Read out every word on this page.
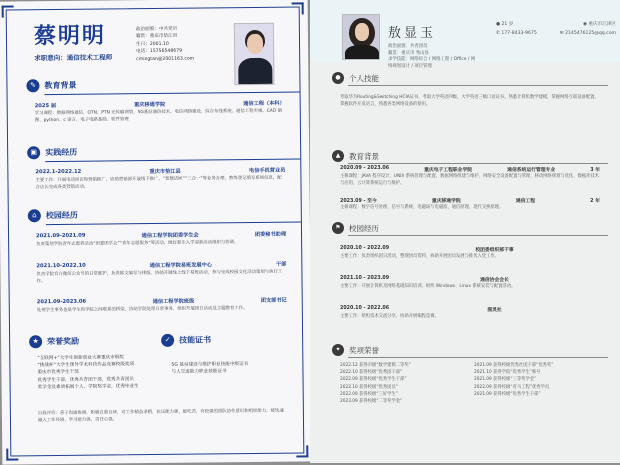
蔡明明
求职意向：通信技术工程师
政治面貌：中共党员
籍贯：重庆市垫江县
生日：2001.10
电话：15756548679
cmingtan@2001163.com
✎	教育背景
2025 届	重庆移通学院	通信工程（本科）
学习课程：数据网络通信，OTN，PTN 光传输网管，5G基站通信技术、电信网络建设、综合布线系统、通信工程实施、CAD 制图、python、c 语言、电子电路基础、软件管理
▣	实践经历
2022.1-2022.12	重庆市垫江县	电信手机营业员
主要工作：开展电话回访和营销推广，协助营销部开展线下推广，“智慧话匣”“三合一”等业务办理，熟练登记填写系统信息，配合店长完成各类营销活动。
⌂	校园经历
2021.09-2021.09	通信工程学院团委学生会	团委秘书助理
负责策划学院青年志愿者活动“团委团学会”“青年志愿服务”等活动，做好新生入学迎新活动组织与协调。
2021.10-2022.10	通信工程学院易班发展中心	干部
负责学院官方微信公众号的日常维护，负责推文编写与排版，协助开展线上线下易班活动，参与完成校园文化活动策划与执行工作。
2021.09-2023.06	通信工程学院班级	团支部书记
处理学生事务也是学生和学院之间联系的桥梁，协助学院处理日常事务，组织开展团日活动及主题教育工作。
★	荣誉奖励	✓	技能证书
“互联网+”大学生创新创业大赛重庆市铜奖
“挑战杯”大学生课外学术科技作品竞赛校级奖项
重庆市优秀学生干部
优秀学生干部，优秀共青团干部，优秀共青团员
奖学金及素质拓展个人，学院奖学金，优秀毕业生
5G 基站建设与维护职业技能中级证书
与人交流能力职业技能证书
自我评价：善于沟通协调，积极自重自律，对工作精益求精，抗压能力强，能吃苦，有较强的团队协作意识和组织能力，能快速融入工作环境，学习能力强，责任心强。
敖显玉
政治面貌：共青团员
籍贯：重庆市 秀山县
求学技能：网络综合 / 网络工程 / Office / 网络规划设计 / 项目管理
● 21 岁	◉ 重庆市江津区
✆ 177-8433-9675	✉ 2145476125@qq.com
●	个人技能
考取华为Routing&Switching HCIA证书，考取大学英语四级，大学英语三级口语证书。熟悉计算机数学建模，掌握网络互联设备配置，掌握软件开发语言，熟悉各类网络设备的使用。
▲	教育背景
2020.09 - 2023.06	重庆电子工程职业学院	通信系统运行管理专业	3 年
主修课程：JAVA 程序设计、UNIX 系统管理与配置、数据网络组建与维护、网络安全设备配置与管理、移动网络规划与优化、数据库技术与应用、云计算系统运行与维护。
2023.09 - 至今	重庆移通学院	通信工程	2 年
主修课程：数字信号处理、信号与系统、电磁场与电磁波、通信原理、现代交换原理。
⚑	校园经历
2020.10 - 2022.09	校团委组织部干事
主要工作：负责组织团日活动，整理团员资料，协助开展团员发展与推优入党工作。
2021.10 - 2023.09	通信协会会长
主要工作：开展计算机及网络基础知识培训，组织 Windows、Linux 系统安装与配置活动。
2020.10 - 2022.06	图灵社
主要工作：组织技术交流分享，协助开展编程竞赛。
✦	奖项荣誉
2022.12 获得市级“数学建模二等奖”
2022.10 获得校级“优秀团干部”
2022.09 获得校级“优秀学生干部”
2022.10 获得校级“优秀团员”
2022.09 获得校级“三好学生”
2023.09 获得校级“二等奖学金”
2021.09 获得校级优秀社团干部“优秀奖”
2021.10 获得学院“优秀学生”称号
2021.09 获得校级“三等奖学金”
2022.09 获得校级“青马工程”优秀学员
2021.09 获得校级“优秀学生干部”
